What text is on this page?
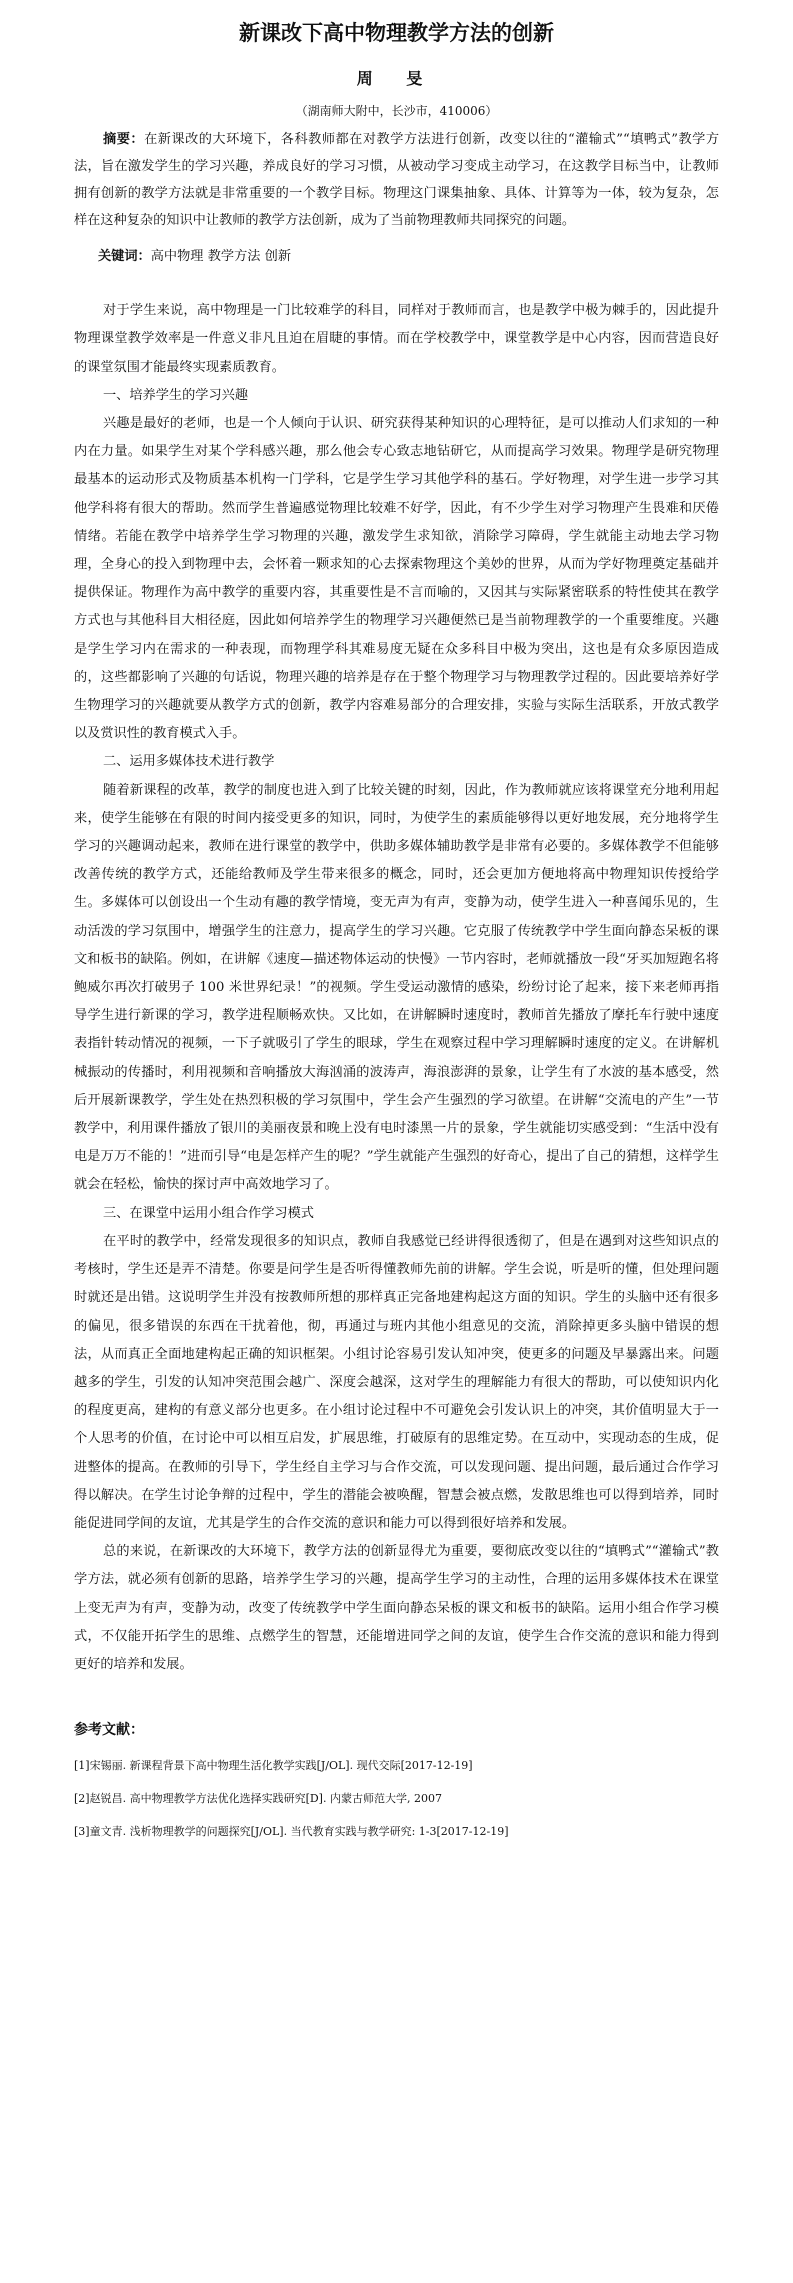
新课改下高中物理教学方法的创新
周 旻
（湖南师大附中，长沙市，410006）

摘要：在新课改的大环境下，各科教师都在对教学方法进行创新，改变以往的“灌输式”“填鸭式”教学方法，旨在激发学生的学习兴趣，养成良好的学习习惯，从被动学习变成主动学习，在这教学目标当中，让教师拥有创新的教学方法就是非常重要的一个教学目标。物理这门课集抽象、具体、计算等为一体，较为复杂，怎样在这种复杂的知识中让教师的教学方法创新，成为了当前物理教师共同探究的问题。

关键词：高中物理 教学方法 创新

对于学生来说，高中物理是一门比较难学的科目，同样对于教师而言，也是教学中极为棘手的，因此提升物理课堂教学效率是一件意义非凡且迫在眉睫的事情。而在学校教学中，课堂教学是中心内容，因而营造良好的课堂氛围才能最终实现素质教育。

一、培养学生的学习兴趣

兴趣是最好的老师，也是一个人倾向于认识、研究获得某种知识的心理特征，是可以推动人们求知的一种内在力量。如果学生对某个学科感兴趣，那么他会专心致志地钻研它，从而提高学习效果。物理学是研究物理最基本的运动形式及物质基本机构一门学科，它是学生学习其他学科的基石。学好物理，对学生进一步学习其他学科将有很大的帮助。然而学生普遍感觉物理比较难不好学，因此，有不少学生对学习物理产生畏难和厌倦情绪。若能在教学中培养学生学习物理的兴趣，激发学生求知欲，消除学习障碍，学生就能主动地去学习物理，全身心的投入到物理中去，会怀着一颗求知的心去探索物理这个美妙的世界，从而为学好物理奠定基础并提供保证。物理作为高中教学的重要内容，其重要性是不言而喻的，又因其与实际紧密联系的特性使其在教学方式也与其他科目大相径庭，因此如何培养学生的物理学习兴趣便然已是当前物理教学的一个重要维度。兴趣是学生学习内在需求的一种表现，而物理学科其难易度无疑在众多科目中极为突出，这也是有众多原因造成的，这些都影响了兴趣的句话说，物理兴趣的培养是存在于整个物理学习与物理教学过程的。因此要培养好学生物理学习的兴趣就要从教学方式的创新，教学内容难易部分的合理安排，实验与实际生活联系，开放式教学以及赏识性的教育模式入手。

二、运用多媒体技术进行教学

随着新课程的改革，教学的制度也进入到了比较关键的时刻，因此，作为教师就应该将课堂充分地利用起来，使学生能够在有限的时间内接受更多的知识，同时，为使学生的素质能够得以更好地发展，充分地将学生学习的兴趣调动起来，教师在进行课堂的教学中，供助多媒体辅助教学是非常有必要的。多媒体教学不但能够改善传统的教学方式，还能给教师及学生带来很多的概念，同时，还会更加方便地将高中物理知识传授给学生。多媒体可以创设出一个生动有趣的教学情境，变无声为有声，变静为动，使学生进入一种喜闻乐见的，生动活泼的学习氛围中，增强学生的注意力，提高学生的学习兴趣。它克服了传统教学中学生面向静态呆板的课文和板书的缺陷。例如，在讲解《速度—描述物体运动的快慢》一节内容时，老师就播放一段“牙买加短跑名将鲍威尔再次打破男子 100 米世界纪录！”的视频。学生受运动激情的感染，纷纷讨论了起来，接下来老师再指导学生进行新课的学习，教学进程顺畅欢快。又比如，在讲解瞬时速度时，教师首先播放了摩托车行驶中速度表指针转动情况的视频，一下子就吸引了学生的眼球，学生在观察过程中学习理解瞬时速度的定义。在讲解机械振动的传播时，利用视频和音响播放大海汹涌的波涛声，海浪澎湃的景象，让学生有了水波的基本感受，然后开展新课教学，学生处在热烈积极的学习氛围中，学生会产生强烈的学习欲望。在讲解“交流电的产生”一节教学中，利用课件播放了银川的美丽夜景和晚上没有电时漆黑一片的景象，学生就能切实感受到：“生活中没有电是万万不能的！”进而引导“电是怎样产生的呢？”学生就能产生强烈的好奇心，提出了自己的猜想，这样学生就会在轻松，愉快的探讨声中高效地学习了。

三、在课堂中运用小组合作学习模式

在平时的教学中，经常发现很多的知识点，教师自我感觉已经讲得很透彻了，但是在遇到对这些知识点的考核时，学生还是弄不清楚。你要是问学生是否听得懂教师先前的讲解。学生会说，听是听的懂，但处理问题时就还是出错。这说明学生并没有按教师所想的那样真正完备地建构起这方面的知识。学生的头脑中还有很多的偏见，很多错误的东西在干扰着他，彻，再通过与班内其他小组意见的交流，消除掉更多头脑中错误的想法，从而真正全面地建构起正确的知识框架。小组讨论容易引发认知冲突，使更多的问题及早暴露出来。问题越多的学生，引发的认知冲突范围会越广、深度会越深，这对学生的理解能力有很大的帮助，可以使知识内化的程度更高，建构的有意义部分也更多。在小组讨论过程中不可避免会引发认识上的冲突，其价值明显大于一个人思考的价值，在讨论中可以相互启发，扩展思维，打破原有的思维定势。在互动中，实现动态的生成，促进整体的提高。在教师的引导下，学生经自主学习与合作交流，可以发现问题、提出问题，最后通过合作学习得以解决。在学生讨论争辩的过程中，学生的潜能会被唤醒，智慧会被点燃，发散思维也可以得到培养，同时能促进同学间的友谊，尤其是学生的合作交流的意识和能力可以得到很好培养和发展。

总的来说，在新课改的大环境下，教学方法的创新显得尤为重要，要彻底改变以往的“填鸭式”“灌输式”教学方法，就必须有创新的思路，培养学生学习的兴趣，提高学生学习的主动性，合理的运用多媒体技术在课堂上变无声为有声，变静为动，改变了传统教学中学生面向静态呆板的课文和板书的缺陷。运用小组合作学习模式，不仅能开拓学生的思维、点燃学生的智慧，还能增进同学之间的友谊，使学生合作交流的意识和能力得到更好的培养和发展。

参考文献：

[1]宋锡丽. 新课程背景下高中物理生活化教学实践[J/OL]. 现代交际[2017-12-19]

[2]赵锐昌. 高中物理教学方法优化选择实践研究[D]. 内蒙古师范大学, 2007

[3]童文青. 浅析物理教学的问题探究[J/OL]. 当代教育实践与教学研究: 1-3[2017-12-19]
